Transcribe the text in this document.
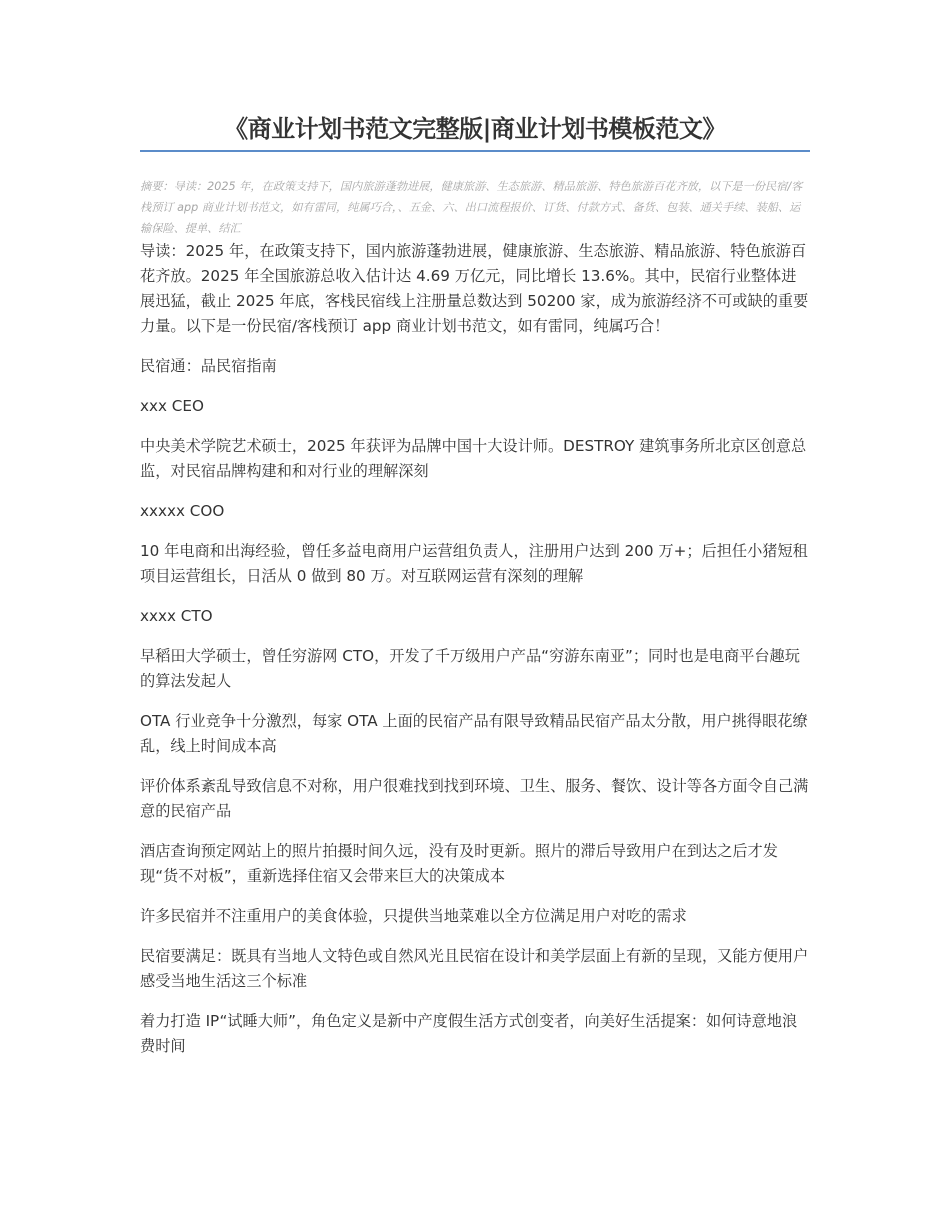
《商业计划书范文完整版|商业计划书模板范文》

摘要：导读：2025 年，在政策支持下，国内旅游蓬勃进展，健康旅游、生态旅游、精品旅游、特色旅游百花齐放，以下是一份民宿/客栈预订 app 商业计划书范文，如有雷同，纯属巧合，、五金、六、出口流程报价、订货、付款方式、备货、包装、通关手续、装船、运输保险、提单、结汇

导读：2025 年，在政策支持下，国内旅游蓬勃进展，健康旅游、生态旅游、精品旅游、特色旅游百花齐放。2025 年全国旅游总收入估计达 4.69 万亿元，同比增长 13.6%。其中，民宿行业整体进展迅猛，截止 2025 年底，客栈民宿线上注册量总数达到 50200 家，成为旅游经济不可或缺的重要力量。以下是一份民宿/客栈预订 app 商业计划书范文，如有雷同，纯属巧合！

民宿通：品民宿指南

xxx CEO

中央美术学院艺术硕士，2025 年获评为品牌中国十大设计师。DESTROY 建筑事务所北京区创意总监，对民宿品牌构建和和对行业的理解深刻

xxxxx COO

10 年电商和出海经验，曾任多益电商用户运营组负责人，注册用户达到 200 万+；后担任小猪短租项目运营组长，日活从 0 做到 80 万。对互联网运营有深刻的理解

xxxx CTO

早稻田大学硕士，曾任穷游网 CTO，开发了千万级用户产品“穷游东南亚”；同时也是电商平台趣玩的算法发起人

OTA 行业竞争十分激烈，每家 OTA 上面的民宿产品有限导致精品民宿产品太分散，用户挑得眼花缭乱，线上时间成本高

评价体系紊乱导致信息不对称，用户很难找到找到环境、卫生、服务、餐饮、设计等各方面令自己满意的民宿产品

酒店查询预定网站上的照片拍摄时间久远，没有及时更新。照片的滞后导致用户在到达之后才发现“货不对板”，重新选择住宿又会带来巨大的决策成本

许多民宿并不注重用户的美食体验，只提供当地菜难以全方位满足用户对吃的需求

民宿要满足：既具有当地人文特色或自然风光且民宿在设计和美学层面上有新的呈现，又能方便用户感受当地生活这三个标准

着力打造 IP“试睡大师”，角色定义是新中产度假生活方式创变者，向美好生活提案：如何诗意地浪费时间
